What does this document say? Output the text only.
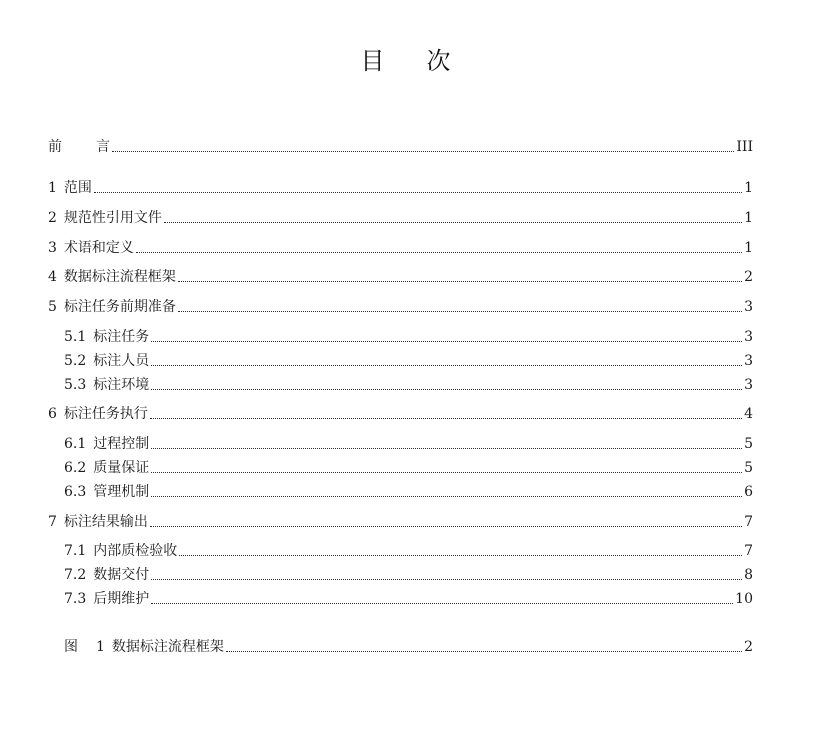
目次
前言	III
1 范围	1
2 规范性引用文件	1
3 术语和定义	1
4 数据标注流程框架	2
5 标注任务前期准备	3
5.1 标注任务	3
5.2 标注人员	3
5.3 标注环境	3
6 标注任务执行	4
6.1 过程控制	5
6.2 质量保证	5
6.3 管理机制	6
7 标注结果输出	7
7.1 内部质检验收	7
7.2 数据交付	8
7.3 后期维护	10
图 1 数据标注流程框架	2
